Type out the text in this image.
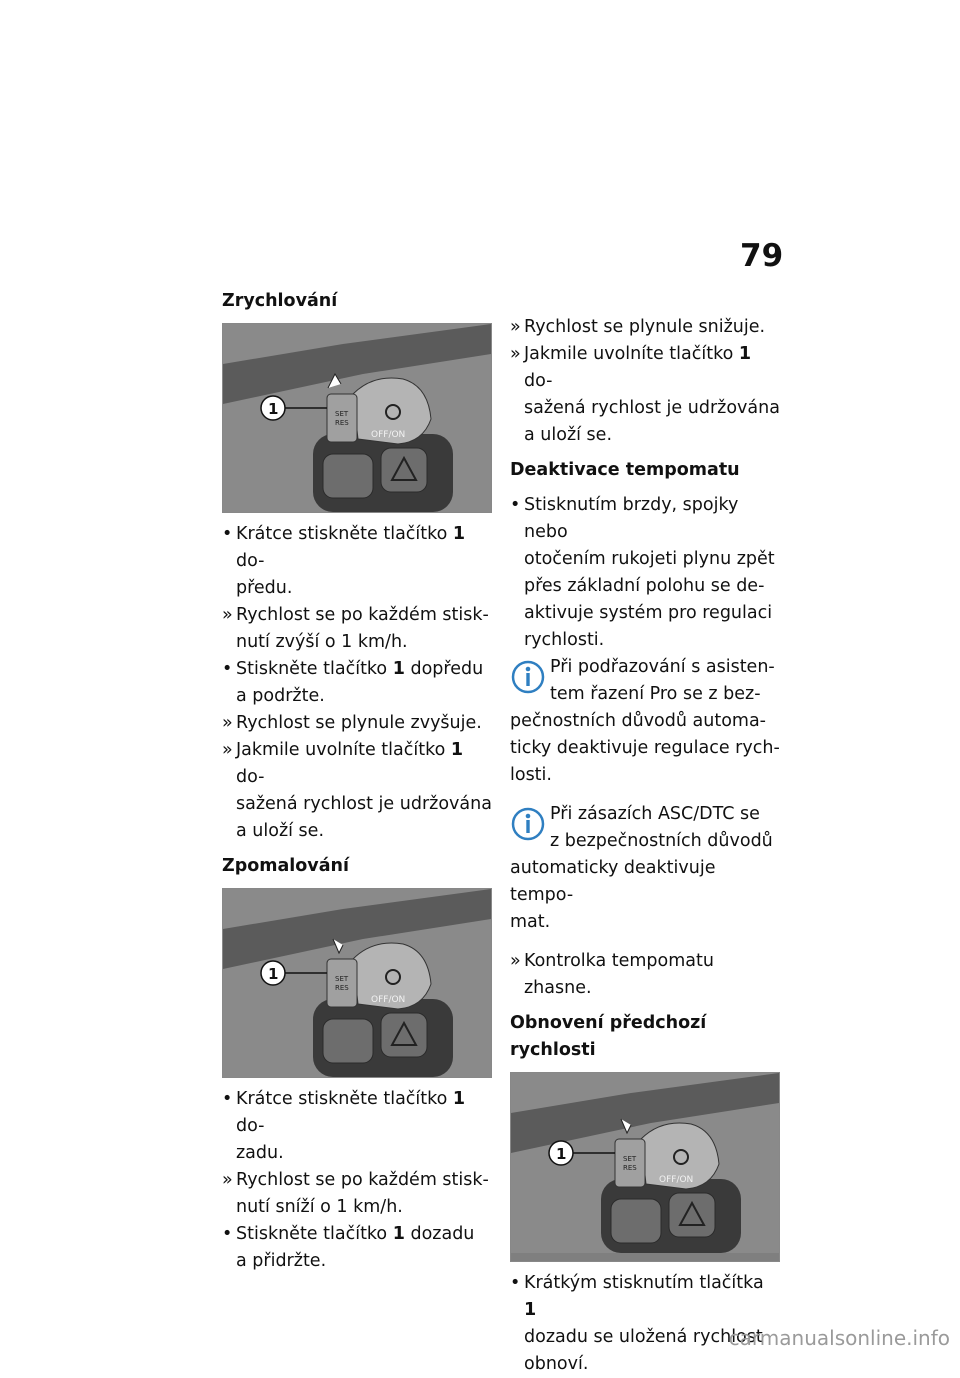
79
Zrychlování
SET
RES
OFF/ON
1

• Krátce stiskněte tlačítko 1 do-
předu.

» Rychlost se po každém stisk-
nutí zvýší o 1 km/h.

• Stiskněte tlačítko 1 dopředu
a podržte.

» Rychlost se plynule zvyšuje.

» Jakmile uvolníte tlačítko 1 do-
sažená rychlost je udržována
a uloží se.

Zpomalování
SET
RES
OFF/ON
1

• Krátce stiskněte tlačítko 1 do-
zadu.

» Rychlost se po každém stisk-
nutí sníží o 1 km/h.

• Stiskněte tlačítko 1 dozadu
a přidržte.

» Rychlost se plynule snižuje.

» Jakmile uvolníte tlačítko 1 do-
sažená rychlost je udržována
a uloží se.

Deaktivace tempomatu

• Stisknutím brzdy, spojky nebo
otočením rukojeti plynu zpět
přes základní polohu se de-
aktivuje systém pro regulaci
rychlosti.

Při podřazování s asisten-
tem řazení Pro se z bez-
pečnostních důvodů automa-
ticky deaktivuje regulace rych-
losti.

Při zásazích ASC/DTC se
z bezpečnostních důvodů
automaticky deaktivuje tempo-
mat.

» Kontrolka tempomatu zhasne.

Obnovení předchozí rychlosti
SET
RES
OFF/ON
1

• Krátkým stisknutím tlačítka 1
dozadu se uložená rychlost
obnoví.

carmanualsonline.info
